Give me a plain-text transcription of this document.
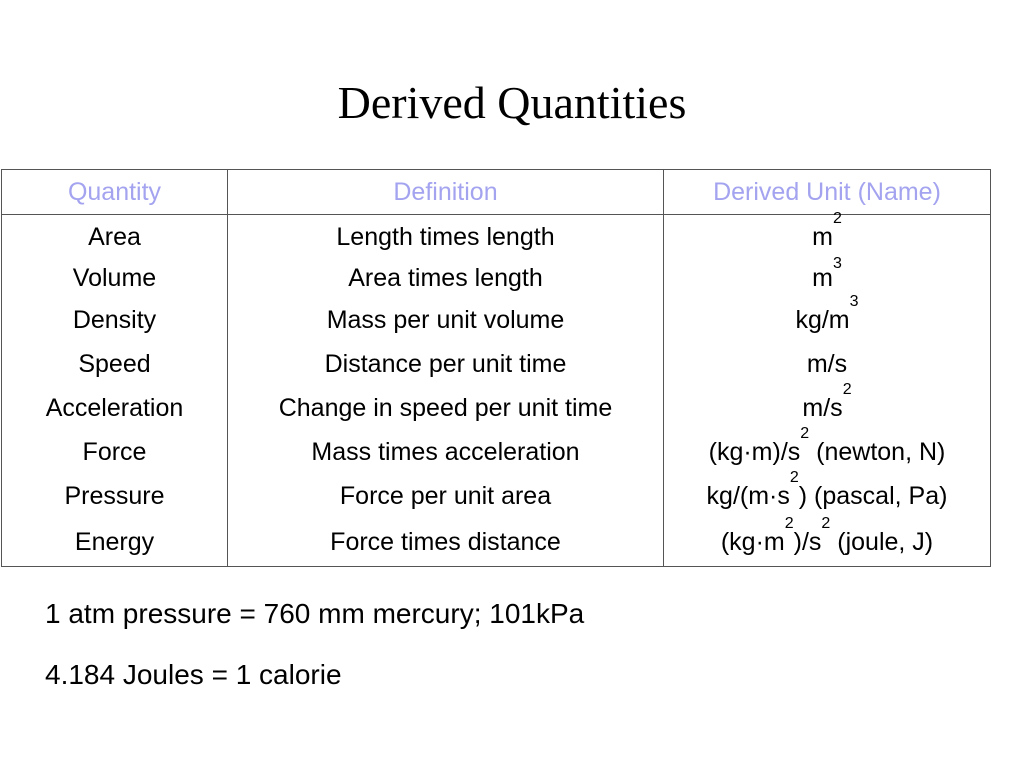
Derived Quantities
Quantity	Definition	Derived Unit (Name)
Area	Length times length	$m^2$
Volume	Area times length	$m^3$
Density	Mass per unit volume	$kg/m^3$
Speed	Distance per unit time	m/s
Acceleration	Change in speed per unit time	$m/s^2$
Force	Mass times acceleration	$(kg\cdot m)/s^2$ (newton, N)
Pressure	Force per unit area	$kg/(m\cdot s^2)$ (pascal, Pa)
Energy	Force times distance	$(kg\cdot m^2)/s^2$ (joule, J)
1 atm pressure = 760 mm mercury; 101kPa
4.184 Joules = 1 calorie
